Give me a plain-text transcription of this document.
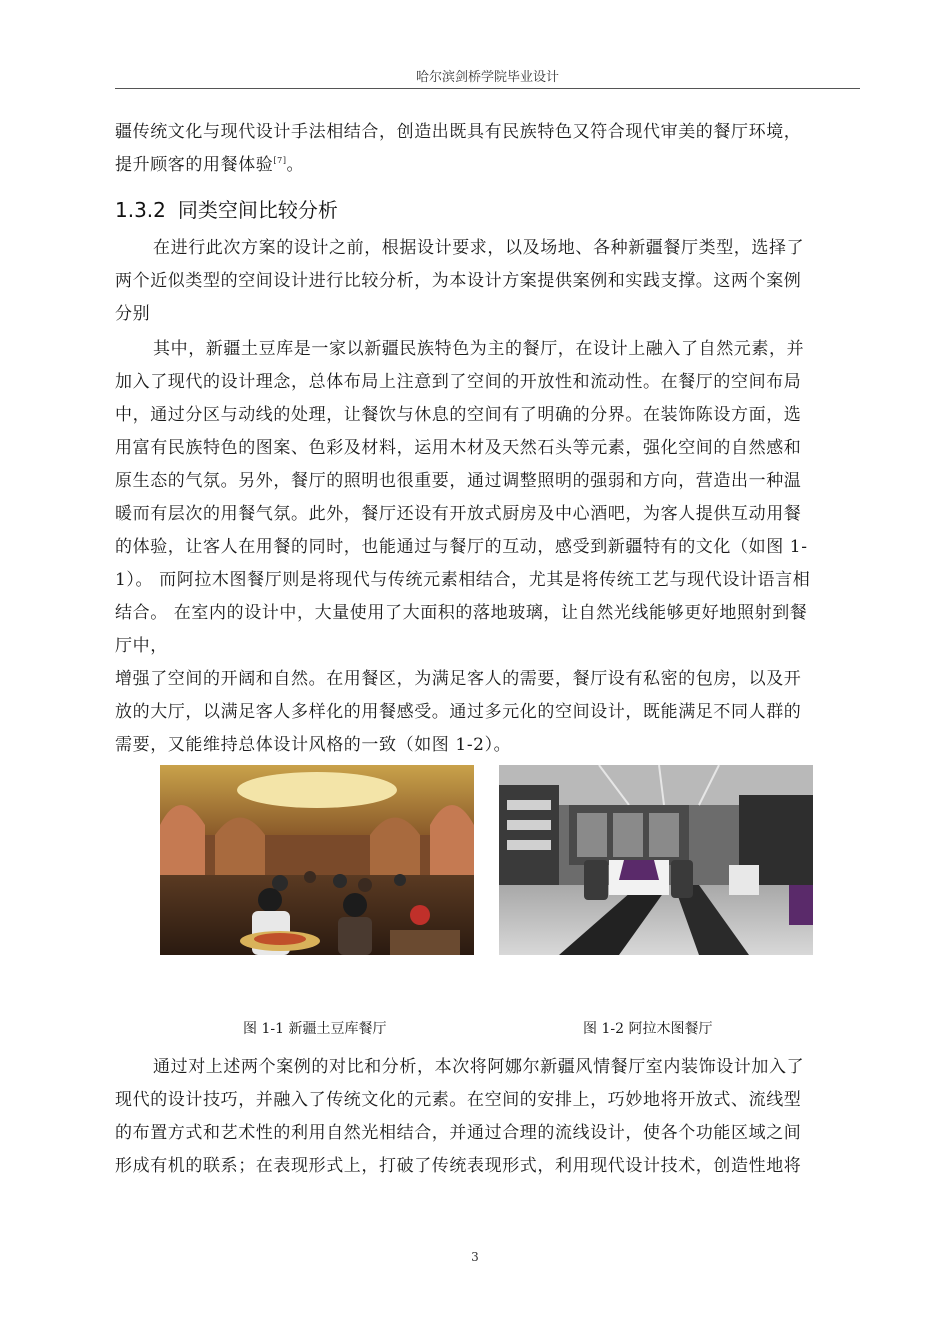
哈尔滨剑桥学院毕业设计
疆传统文化与现代设计手法相结合，创造出既具有民族特色又符合现代审美的餐厅环境，
提升顾客的用餐体验[7]。
1.3.2 同类空间比较分析
在进行此次方案的设计之前，根据设计要求，以及场地、各种新疆餐厅类型，选择了
两个近似类型的空间设计进行比较分析，为本设计方案提供案例和实践支撑。这两个案例
分别
其中，新疆土豆库是一家以新疆民族特色为主的餐厅，在设计上融入了自然元素，并
加入了现代的设计理念，总体布局上注意到了空间的开放性和流动性。在餐厅的空间布局
中，通过分区与动线的处理，让餐饮与休息的空间有了明确的分界。在装饰陈设方面，选
用富有民族特色的图案、色彩及材料，运用木材及天然石头等元素，强化空间的自然感和
原生态的气氛。另外，餐厅的照明也很重要，通过调整照明的强弱和方向，营造出一种温
暖而有层次的用餐气氛。此外，餐厅还设有开放式厨房及中心酒吧，为客人提供互动用餐
的体验，让客人在用餐的同时，也能通过与餐厅的互动，感受到新疆特有的文化（如图 1-
1）。 而阿拉木图餐厅则是将现代与传统元素相结合，尤其是将传统工艺与现代设计语言相
结合。 在室内的设计中，大量使用了大面积的落地玻璃，让自然光线能够更好地照射到餐
厅中，
增强了空间的开阔和自然。在用餐区，为满足客人的需要，餐厅设有私密的包房，以及开
放的大厅，以满足客人多样化的用餐感受。通过多元化的空间设计，既能满足不同人群的
需要，又能维持总体设计风格的一致（如图 1-2）。
图 1-1 新疆土豆库餐厅	图 1-2 阿拉木图餐厅
通过对上述两个案例的对比和分析，本次将阿娜尔新疆风情餐厅室内装饰设计加入了
现代的设计技巧，并融入了传统文化的元素。在空间的安排上，巧妙地将开放式、流线型
的布置方式和艺术性的利用自然光相结合，并通过合理的流线设计，使各个功能区域之间
形成有机的联系；在表现形式上，打破了传统表现形式，利用现代设计技术，创造性地将
3
